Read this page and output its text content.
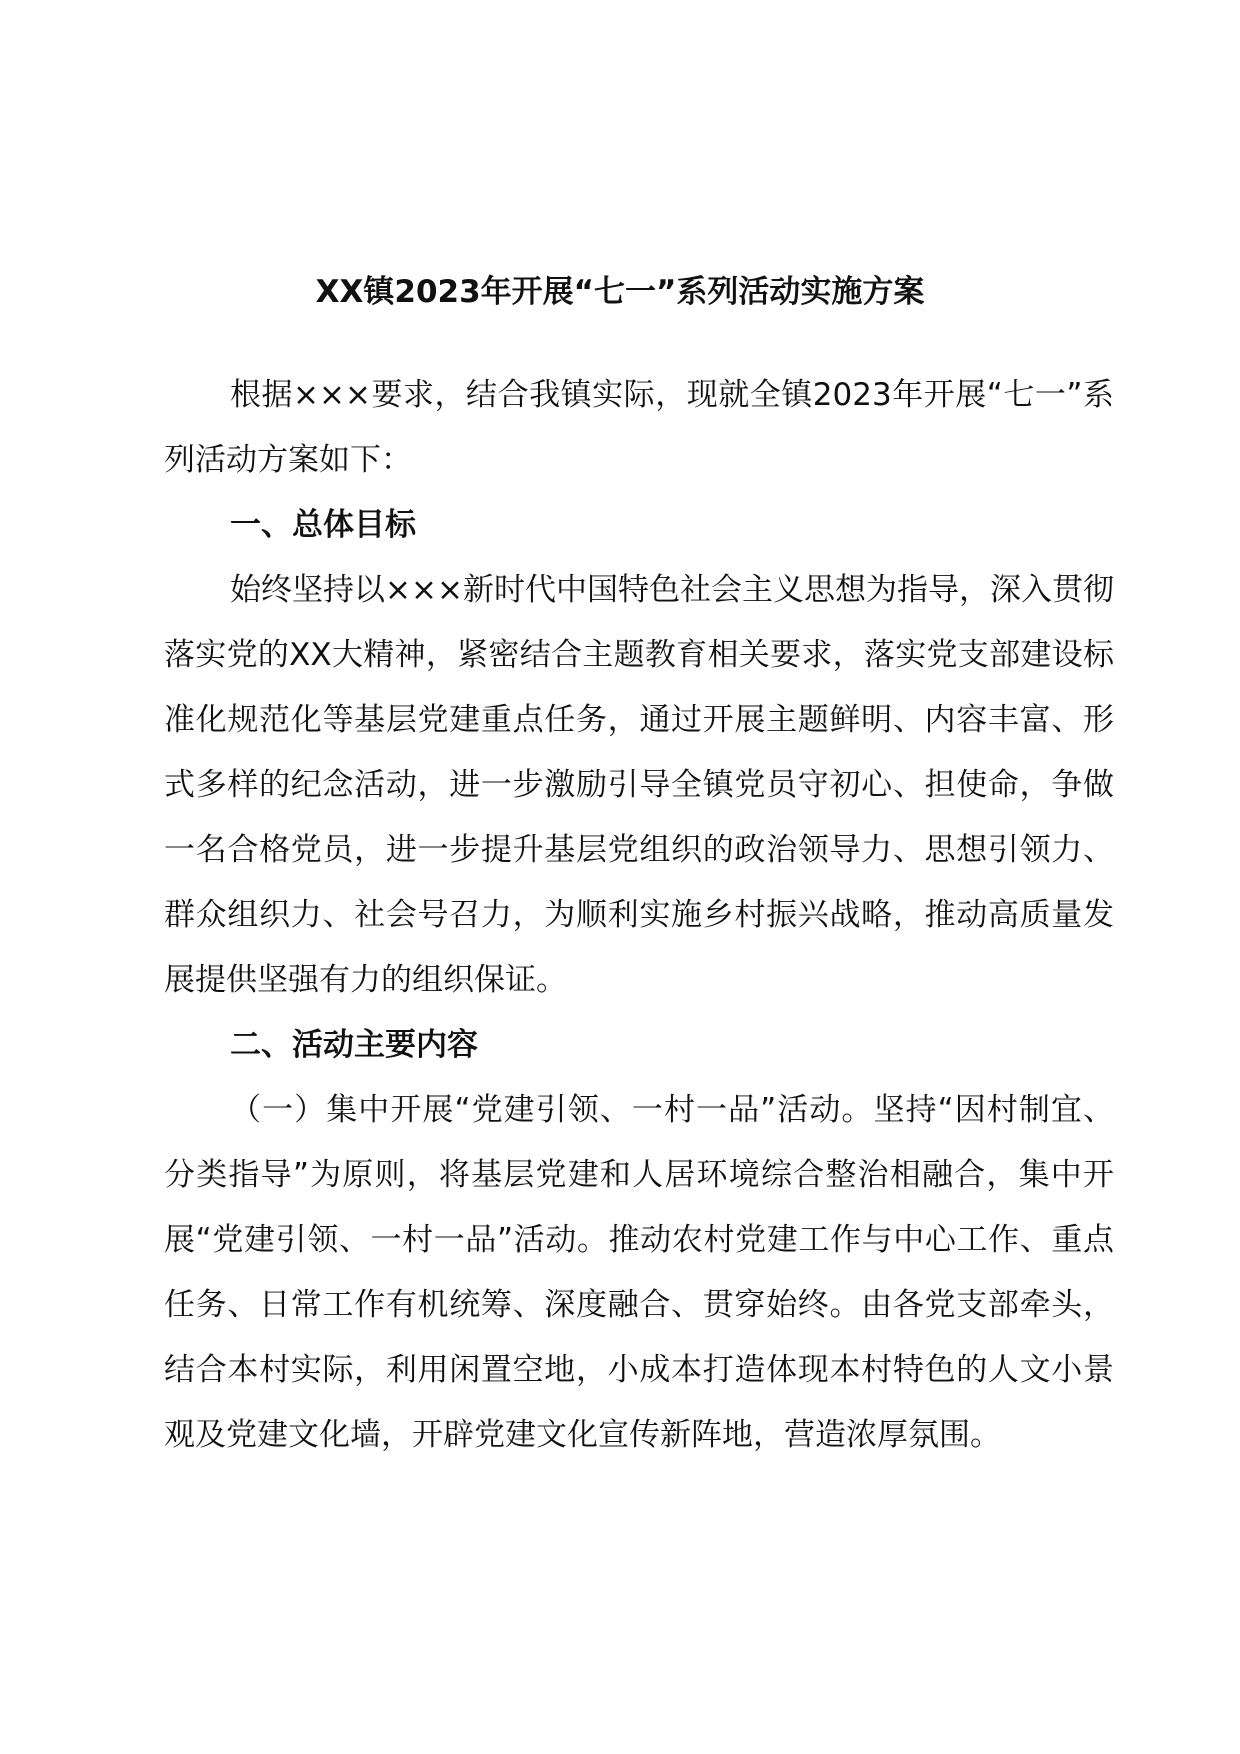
XX镇2023年开展“七一”系列活动实施方案

根据×××要求，结合我镇实际，现就全镇2023年开展“七一”系列活动方案如下：

一、总体目标

始终坚持以×××新时代中国特色社会主义思想为指导，深入贯彻落实党的XX大精神，紧密结合主题教育相关要求，落实党支部建设标准化规范化等基层党建重点任务，通过开展主题鲜明、内容丰富、形式多样的纪念活动，进一步激励引导全镇党员守初心、担使命，争做一名合格党员，进一步提升基层党组织的政治领导力、思想引领力、群众组织力、社会号召力，为顺利实施乡村振兴战略，推动高质量发展提供坚强有力的组织保证。

二、活动主要内容

（一）集中开展“党建引领、一村一品”活动。坚持“因村制宜、分类指导”为原则，将基层党建和人居环境综合整治相融合，集中开展“党建引领、一村一品”活动。推动农村党建工作与中心工作、重点任务、日常工作有机统筹、深度融合、贯穿始终。由各党支部牵头，结合本村实际，利用闲置空地，小成本打造体现本村特色的人文小景观及党建文化墙，开辟党建文化宣传新阵地，营造浓厚氛围。
